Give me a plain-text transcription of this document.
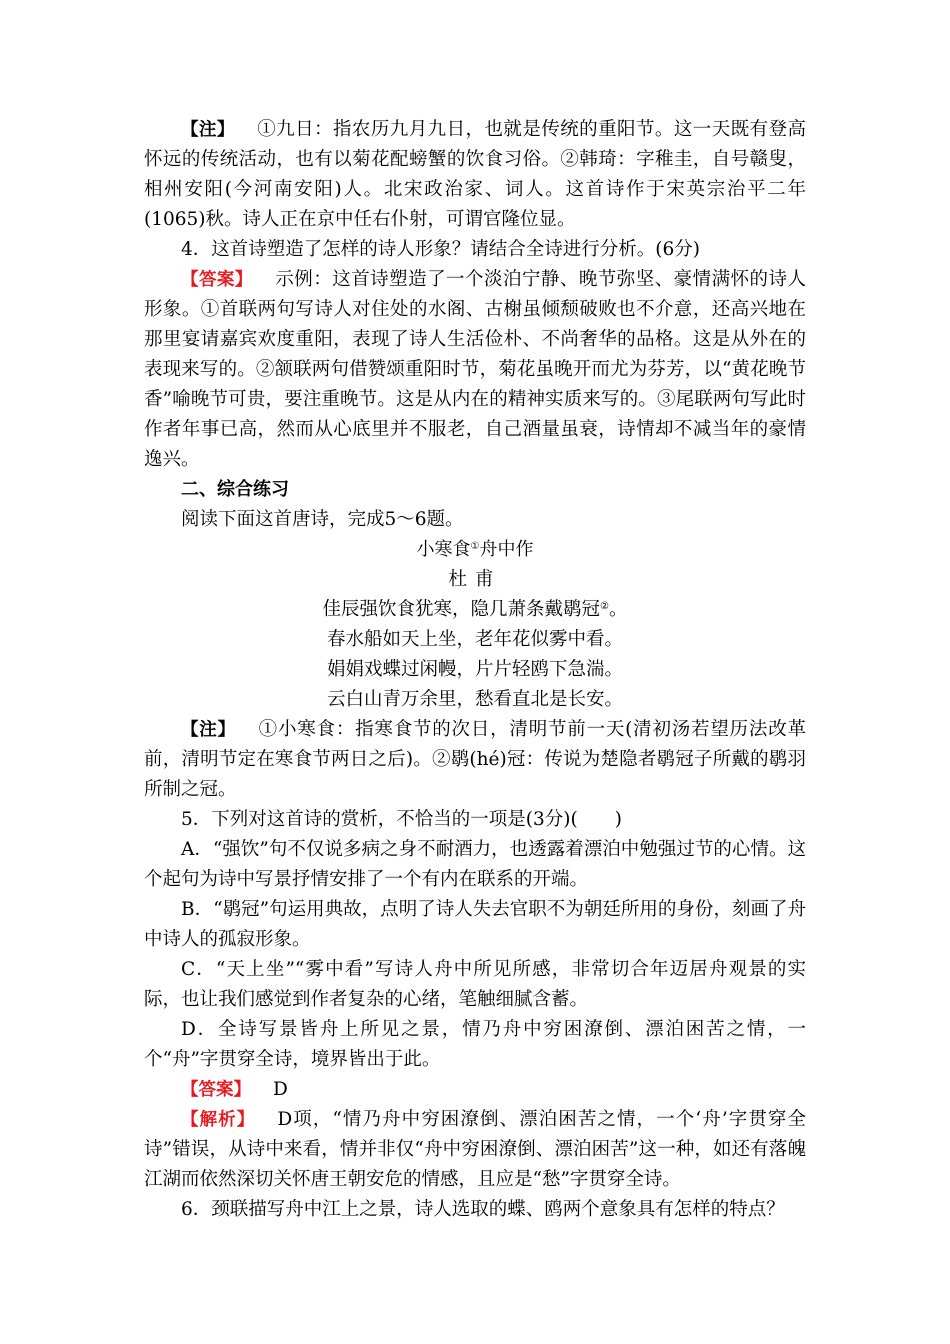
【注】 ①九日：指农历九月九日，也就是传统的重阳节。这一天既有登高怀远的传统活动，也有以菊花配螃蟹的饮食习俗。②韩琦：字稚圭，自号赣叟，相州安阳(今河南安阳)人。北宋政治家、词人。这首诗作于宋英宗治平二年(1065)秋。诗人正在京中任右仆射，可谓官隆位显。

4．这首诗塑造了怎样的诗人形象？请结合全诗进行分析。(6分)

【答案】 示例：这首诗塑造了一个淡泊宁静、晚节弥坚、豪情满怀的诗人形象。①首联两句写诗人对住处的水阁、古榭虽倾颓破败也不介意，还高兴地在那里宴请嘉宾欢度重阳，表现了诗人生活俭朴、不尚奢华的品格。这是从外在的表现来写的。②颔联两句借赞颂重阳时节，菊花虽晚开而尤为芬芳，以“黄花晚节香”喻晚节可贵，要注重晚节。这是从内在的精神实质来写的。③尾联两句写此时作者年事已高，然而从心底里并不服老，自己酒量虽衰，诗情却不减当年的豪情逸兴。

二、综合练习

阅读下面这首唐诗，完成5～6题。

小寒食①舟中作

杜甫

佳辰强饮食犹寒，隐几萧条戴鹖冠②。

春水船如天上坐，老年花似雾中看。

娟娟戏蝶过闲幔，片片轻鸥下急湍。

云白山青万余里，愁看直北是长安。

【注】 ①小寒食：指寒食节的次日，清明节前一天(清初汤若望历法改革前，清明节定在寒食节两日之后)。②鹖(hé)冠：传说为楚隐者鹖冠子所戴的鹖羽所制之冠。

5．下列对这首诗的赏析，不恰当的一项是(3分)(　　)

A．“强饮”句不仅说多病之身不耐酒力，也透露着漂泊中勉强过节的心情。这个起句为诗中写景抒情安排了一个有内在联系的开端。

B．“鹖冠”句运用典故，点明了诗人失去官职不为朝廷所用的身份，刻画了舟中诗人的孤寂形象。

C．“天上坐”“雾中看”写诗人舟中所见所感，非常切合年迈居舟观景的实际，也让我们感觉到作者复杂的心绪，笔触细腻含蓄。

D．全诗写景皆舟上所见之景，情乃舟中穷困潦倒、漂泊困苦之情，一个“舟”字贯穿全诗，境界皆出于此。

【答案】 D

【解析】 D项，“情乃舟中穷困潦倒、漂泊困苦之情，一个‘舟’字贯穿全诗”错误，从诗中来看，情并非仅“舟中穷困潦倒、漂泊困苦”这一种，如还有落魄江湖而依然深切关怀唐王朝安危的情感，且应是“愁”字贯穿全诗。

6．颈联描写舟中江上之景，诗人选取的蝶、鸥两个意象具有怎样的特点？
